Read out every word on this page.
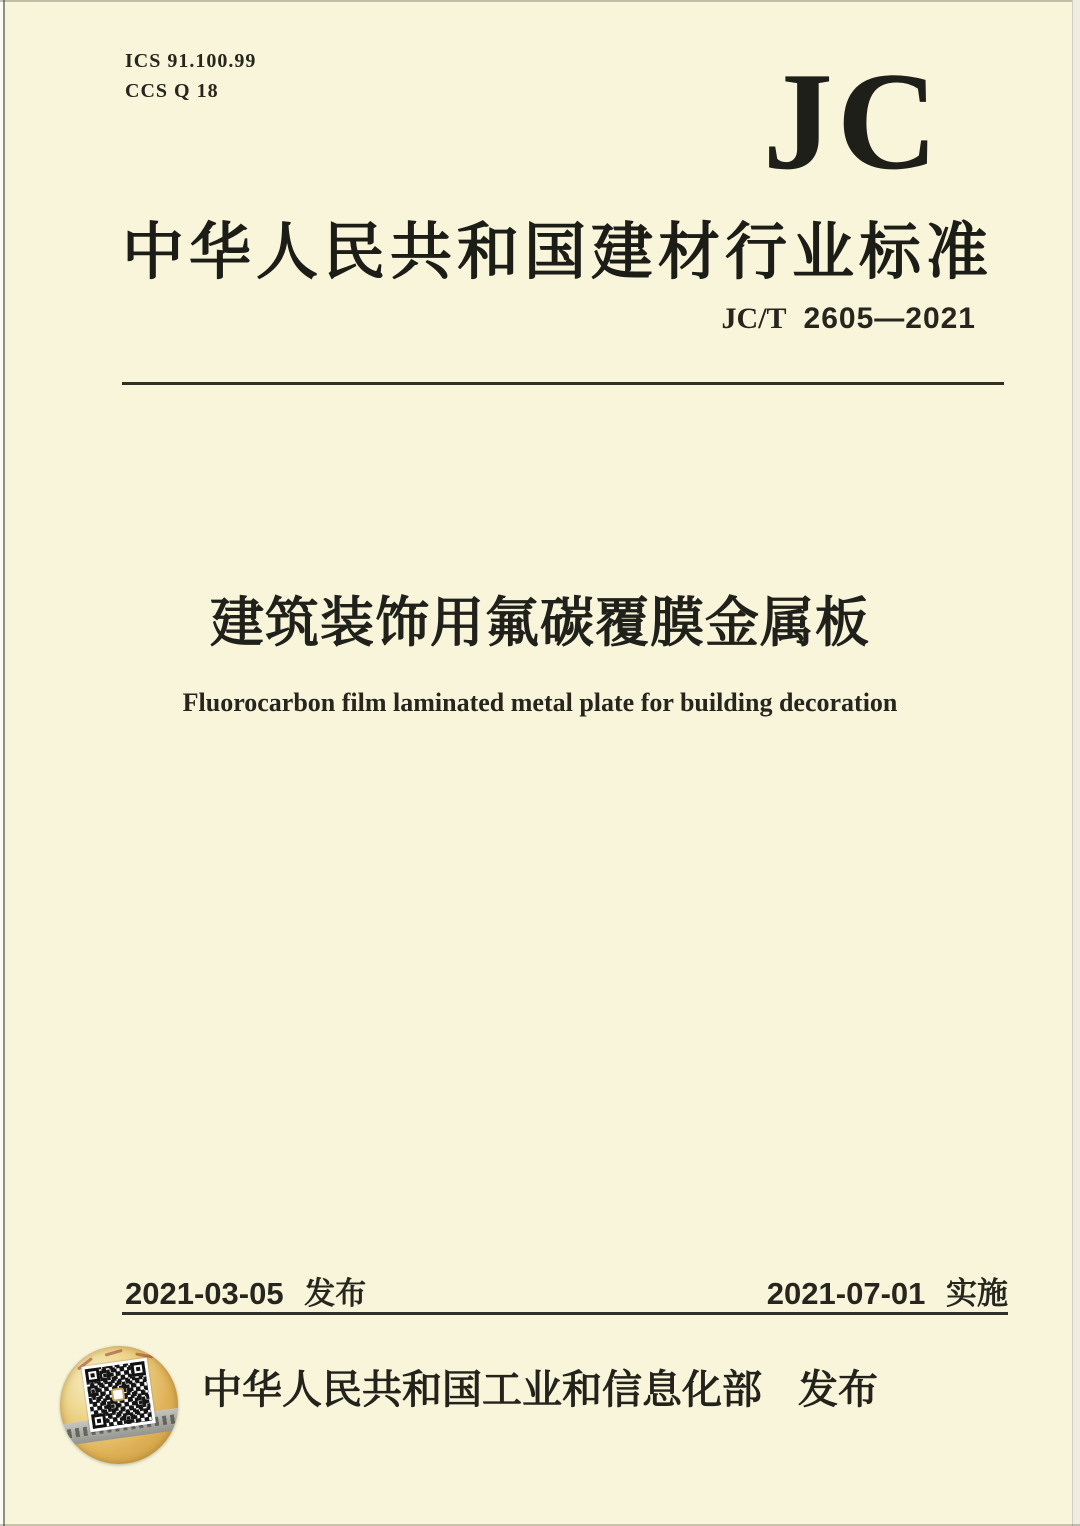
ICS 91.100.99
CCS Q 18	JC
中华人民共和国建材行业标准
JC/T 2605—2021
建筑装饰用氟碳覆膜金属板
Fluorocarbon film laminated metal plate for building decoration
2021-03-05 发布	2021-07-01 实施
中华人民共和国工业和信息化部 发布
